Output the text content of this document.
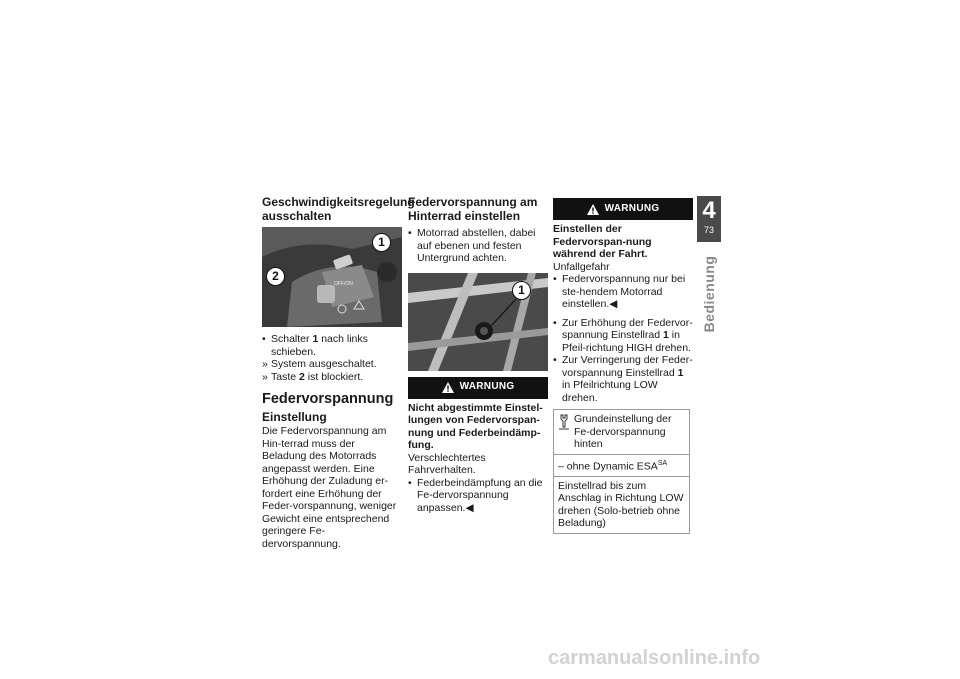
Geschwindigkeitsregelung ausschalten
OFF/ON
1
2

• Schalter 1 nach links schieben.

» System ausgeschaltet.

» Taste 2 ist blockiert.

Federvorspannung
Einstellung

Die Federvorspannung am Hin-terrad muss der Beladung des Motorrads angepasst werden. Eine Erhöhung der Zuladung er-fordert eine Erhöhung der Feder-vorspannung, weniger Gewicht eine entsprechend geringere Fe-dervorspannung.

Federvorspannung am Hinterrad einstellen

• Motorrad abstellen, dabei auf ebenen und festen Untergrund achten.

1
WARNUNG

Nicht abgestimmte Einstel-lungen von Federvorspan-nung und Federbeindämp-fung.

Verschlechtertes Fahrverhalten.

• Federbeindämpfung an die Fe-dervorspannung anpassen.◀

WARNUNG

Einstellen der Federvorspan-nung während der Fahrt.

Unfallgefahr

• Federvorspannung nur bei ste-hendem Motorrad einstellen.◀

• Zur Erhöhung der Federvor-spannung Einstellrad 1 in Pfeil-richtung HIGH drehen.

• Zur Verringerung der Feder-vorspannung Einstellrad 1 in Pfeilrichtung LOW drehen.

Grundeinstellung der Fe-dervorspannung hinten
– ohne Dynamic $ESA^{SA}$
Einstellrad bis zum Anschlag in Richtung LOW drehen (Solo-betrieb ohne Beladung)
4
73
Bedienung
carmanualsonline.info
